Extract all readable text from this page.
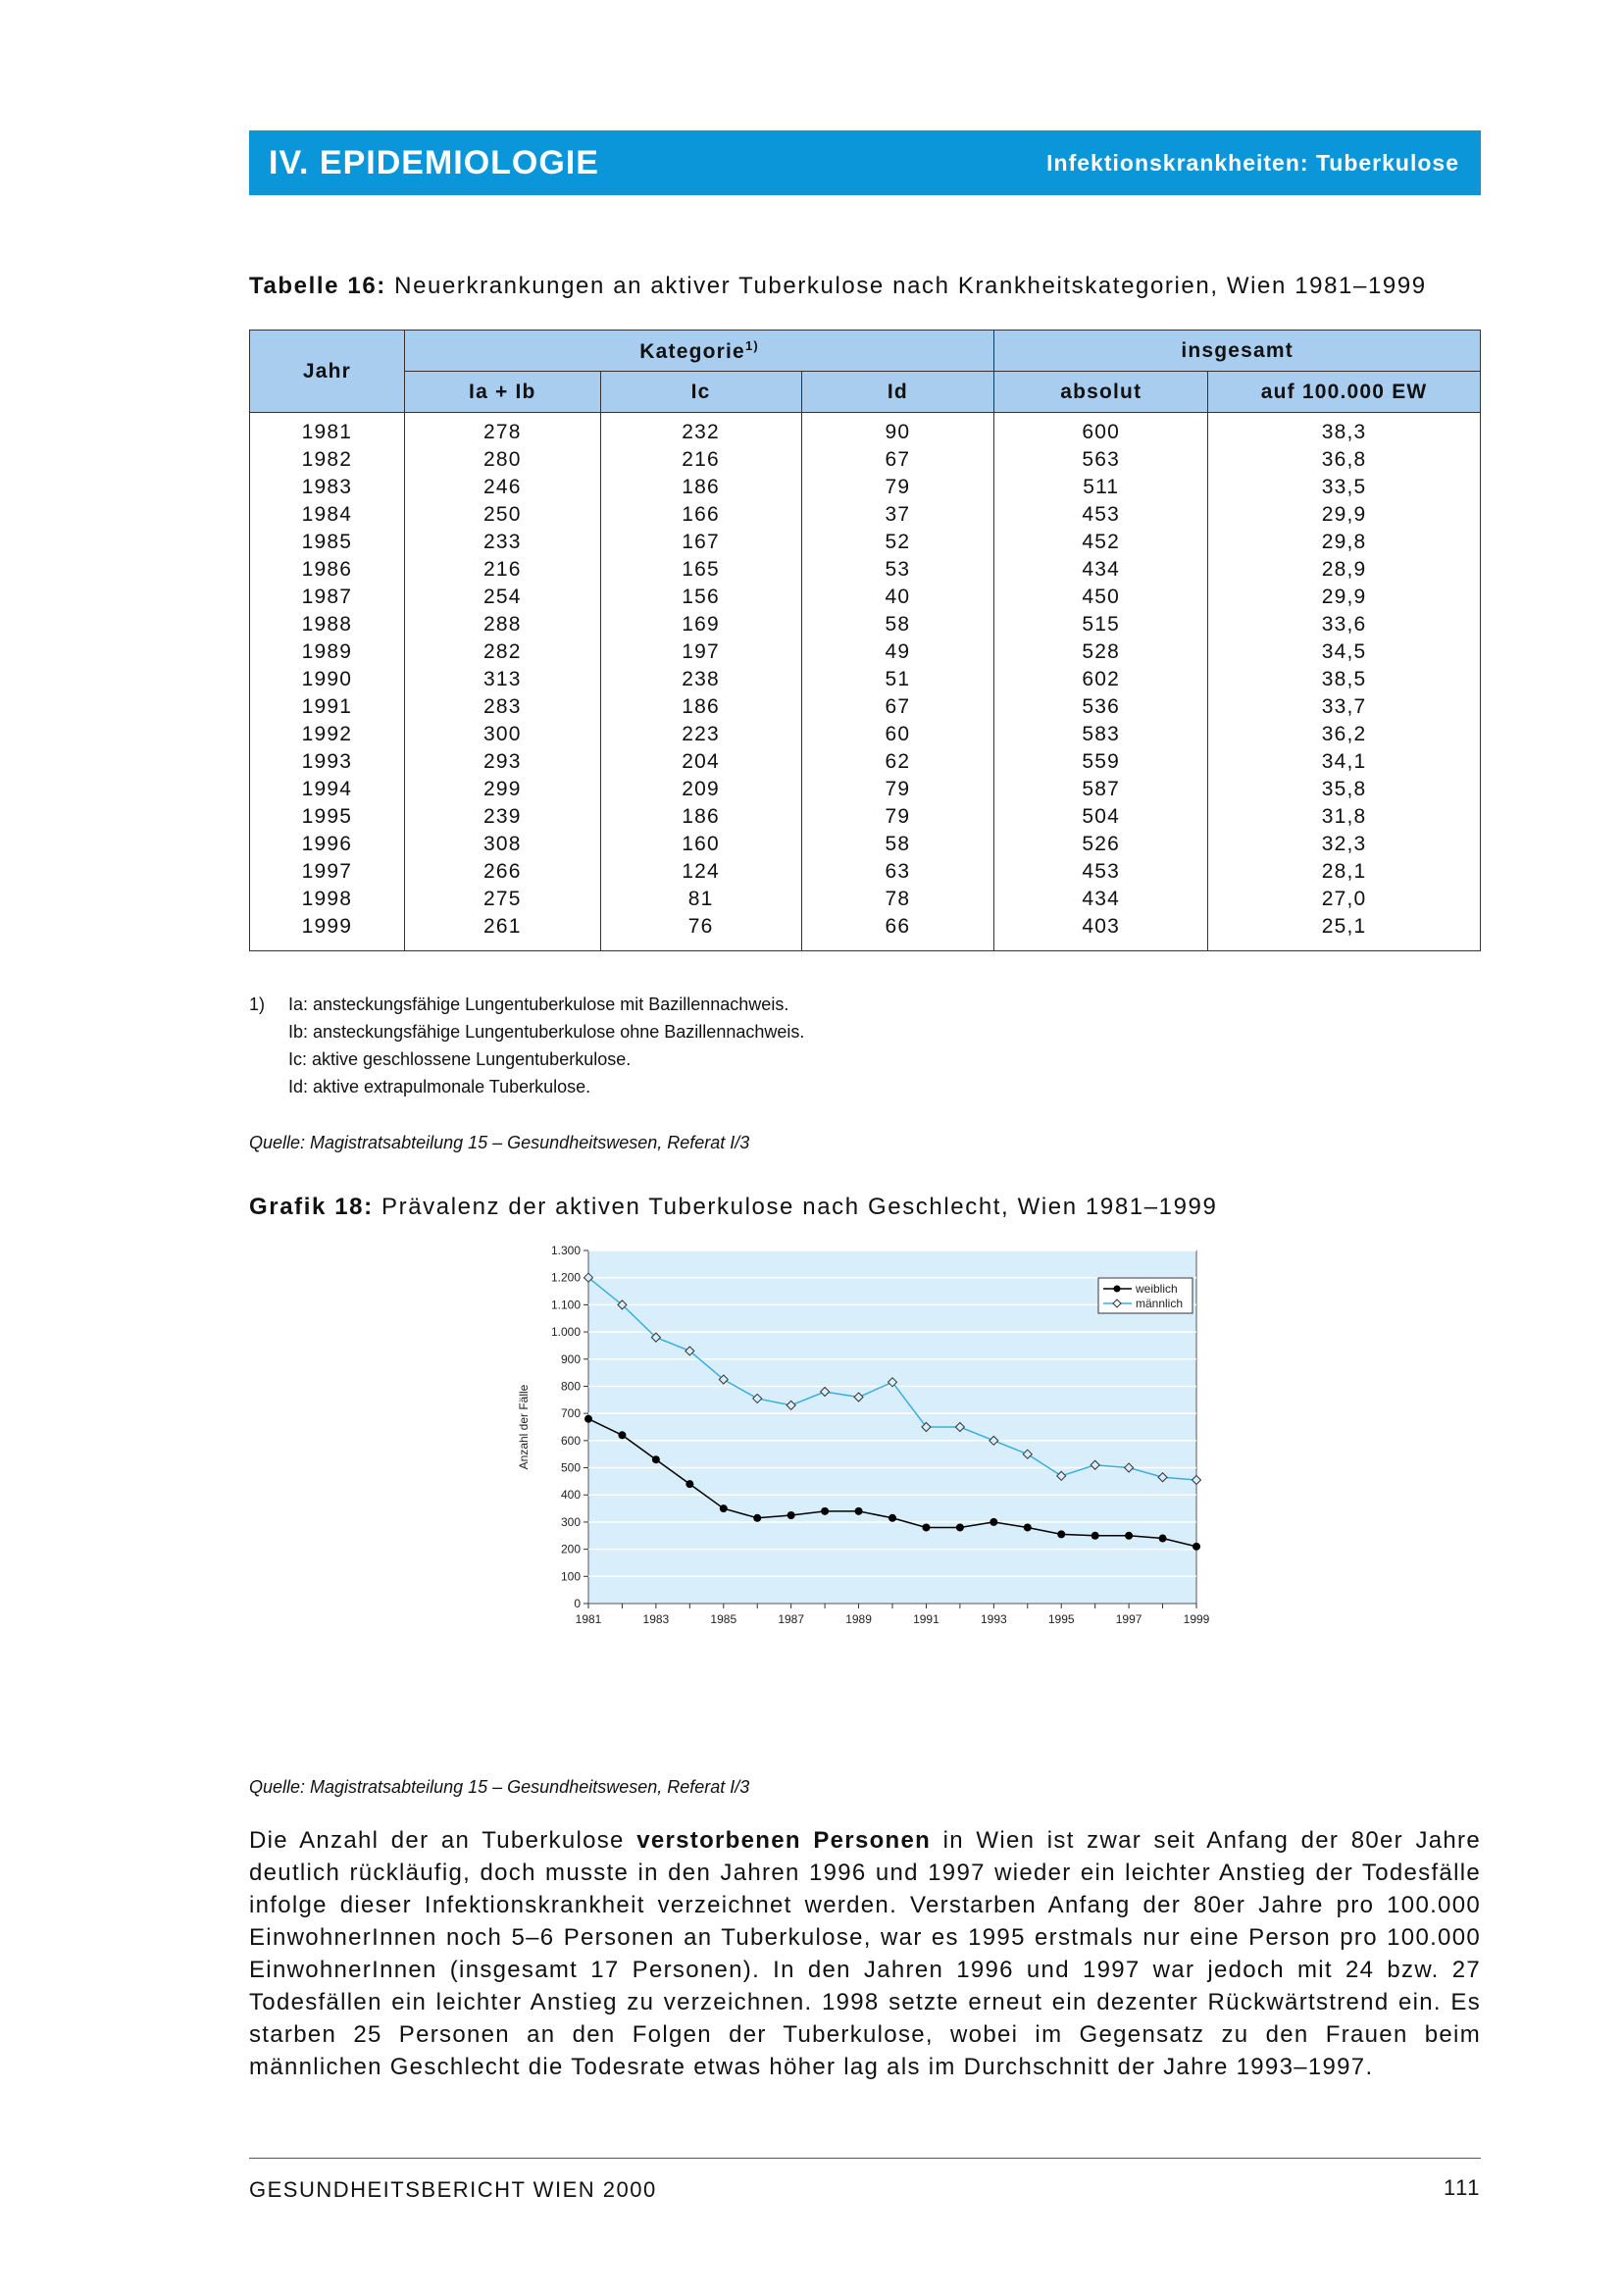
IV. EPIDEMIOLOGIE	Infektionskrankheiten: Tuberkulose
Tabelle 16: Neuerkrankungen an aktiver Tuberkulose nach Krankheitskategorien, Wien 1981–1999
Jahr	Kategorie$^{1)}$			insgesamt	
	Ia + Ib	Ic	Id	absolut	auf 100.000 EW
1981	278	232	90	600	38,3
1982	280	216	67	563	36,8
1983	246	186	79	511	33,5
1984	250	166	37	453	29,9
1985	233	167	52	452	29,8
1986	216	165	53	434	28,9
1987	254	156	40	450	29,9
1988	288	169	58	515	33,6
1989	282	197	49	528	34,5
1990	313	238	51	602	38,5
1991	283	186	67	536	33,7
1992	300	223	60	583	36,2
1993	293	204	62	559	34,1
1994	299	209	79	587	35,8
1995	239	186	79	504	31,8
1996	308	160	58	526	32,3
1997	266	124	63	453	28,1
1998	275	81	78	434	27,0
1999	261	76	66	403	25,1
1)	Ia: ansteckungsfähige Lungentuberkulose mit Bazillennachweis.
Ib: ansteckungsfähige Lungentuberkulose ohne Bazillennachweis.
Ic: aktive geschlossene Lungentuberkulose.
Id: aktive extrapulmonale Tuberkulose.
Quelle: Magistratsabteilung 15 – Gesundheitswesen, Referat I/3
Grafik 18: Prävalenz der aktiven Tuberkulose nach Geschlecht, Wien 1981–1999
0
100
200
300
400
500
600
700
800
900
1.000
1.100
1.200
1.300
1981	1983	1985	1987	1989	1991	1993	1995	1997	1999
Anzahl der Fälle
weiblich
männlich
Quelle: Magistratsabteilung 15 – Gesundheitswesen, Referat I/3
Die Anzahl der an Tuberkulose verstorbenen Personen in Wien ist zwar seit Anfang der 80er Jahre deutlich rückläufig, doch musste in den Jahren 1996 und 1997 wieder ein leichter Anstieg der Todesfälle infolge dieser Infektionskrankheit verzeichnet werden. Verstarben Anfang der 80er Jahre pro 100.000 EinwohnerInnen noch 5–6 Personen an Tuberkulose, war es 1995 erstmals nur eine Person pro 100.000 EinwohnerInnen (insgesamt 17 Personen). In den Jahren 1996 und 1997 war jedoch mit 24 bzw. 27 Todesfällen ein leichter Anstieg zu verzeichnen. 1998 setzte erneut ein dezenter Rückwärtstrend ein. Es starben 25 Personen an den Folgen der Tuberkulose, wobei im Gegensatz zu den Frauen beim männlichen Geschlecht die Todesrate etwas höher lag als im Durchschnitt der Jahre 1993–1997.
GESUNDHEITSBERICHT WIEN 2000	111
